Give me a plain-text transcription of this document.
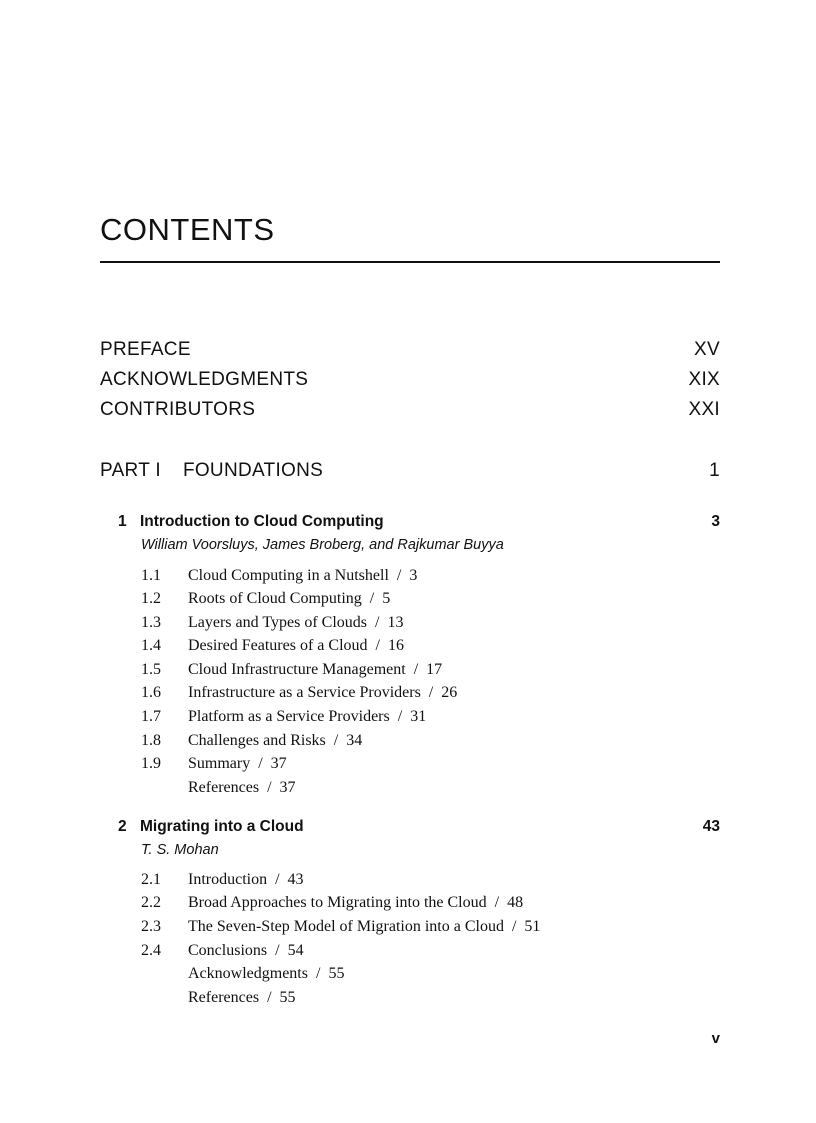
CONTENTS
PREFACE	XV
ACKNOWLEDGMENTS	XIX
CONTRIBUTORS	XXI
PART I FOUNDATIONS	1
1 Introduction to Cloud Computing	3
William Voorsluys, James Broberg, and Rajkumar Buyya
1.1 Cloud Computing in a Nutshell / 3
1.2 Roots of Cloud Computing / 5
1.3 Layers and Types of Clouds / 13
1.4 Desired Features of a Cloud / 16
1.5 Cloud Infrastructure Management / 17
1.6 Infrastructure as a Service Providers / 26
1.7 Platform as a Service Providers / 31
1.8 Challenges and Risks / 34
1.9 Summary / 37
References / 37
2 Migrating into a Cloud	43
T. S. Mohan
2.1 Introduction / 43
2.2 Broad Approaches to Migrating into the Cloud / 48
2.3 The Seven-Step Model of Migration into a Cloud / 51
2.4 Conclusions / 54
Acknowledgments / 55
References / 55
v
